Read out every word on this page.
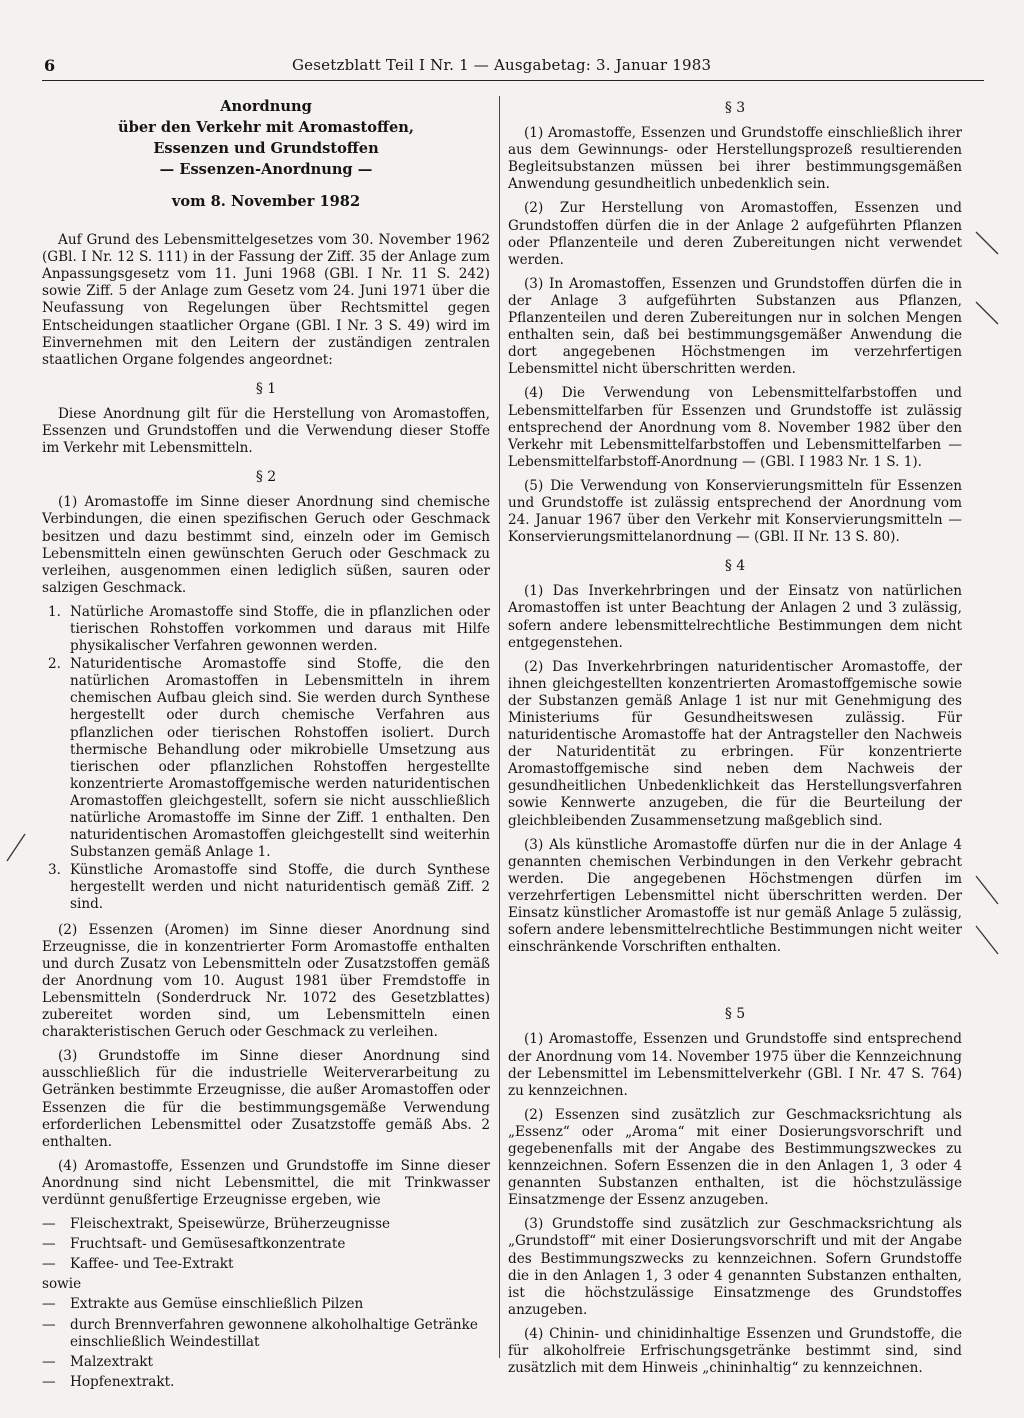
6	Gesetzblatt Teil I Nr. 1 — Ausgabetag: 3. Januar 1983
Anordnung
über den Verkehr mit Aromastoffen,
Essenzen und Grundstoffen
— Essenzen-Anordnung —
vom 8. November 1982

Auf Grund des Lebensmittelgesetzes vom 30. November 1962 (GBl. I Nr. 12 S. 111) in der Fassung der Ziff. 35 der Anlage zum Anpassungsgesetz vom 11. Juni 1968 (GBl. I Nr. 11 S. 242) sowie Ziff. 5 der Anlage zum Gesetz vom 24. Juni 1971 über die Neufassung von Regelungen über Rechtsmittel gegen Entscheidungen staatlicher Organe (GBl. I Nr. 3 S. 49) wird im Einvernehmen mit den Leitern der zuständigen zentralen staatlichen Organe folgendes angeordnet:

§ 1

Diese Anordnung gilt für die Herstellung von Aromastoffen, Essenzen und Grundstoffen und die Verwendung dieser Stoffe im Verkehr mit Lebensmitteln.

§ 2

(1) Aromastoffe im Sinne dieser Anordnung sind chemische Verbindungen, die einen spezifischen Geruch oder Geschmack besitzen und dazu bestimmt sind, einzeln oder im Gemisch Lebensmitteln einen gewünschten Geruch oder Geschmack zu verleihen, ausgenommen einen lediglich süßen, sauren oder salzigen Geschmack.

1. Natürliche Aromastoffe sind Stoffe, die in pflanzlichen oder tierischen Rohstoffen vorkommen und daraus mit Hilfe physikalischer Verfahren gewonnen werden.
2. Naturidentische Aromastoffe sind Stoffe, die den natürlichen Aromastoffen in Lebensmitteln in ihrem chemischen Aufbau gleich sind. Sie werden durch Synthese hergestellt oder durch chemische Verfahren aus pflanzlichen oder tierischen Rohstoffen isoliert. Durch thermische Behandlung oder mikrobielle Umsetzung aus tierischen oder pflanzlichen Rohstoffen hergestellte konzentrierte Aromastoffgemische werden naturidentischen Aromastoffen gleichgestellt, sofern sie nicht ausschließlich natürliche Aromastoffe im Sinne der Ziff. 1 enthalten. Den naturidentischen Aromastoffen gleichgestellt sind weiterhin Substanzen gemäß Anlage 1.
3. Künstliche Aromastoffe sind Stoffe, die durch Synthese hergestellt werden und nicht naturidentisch gemäß Ziff. 2 sind.

(2) Essenzen (Aromen) im Sinne dieser Anordnung sind Erzeugnisse, die in konzentrierter Form Aromastoffe enthalten und durch Zusatz von Lebensmitteln oder Zusatzstoffen gemäß der Anordnung vom 10. August 1981 über Fremdstoffe in Lebensmitteln (Sonderdruck Nr. 1072 des Gesetzblattes) zubereitet worden sind, um Lebensmitteln einen charakteristischen Geruch oder Geschmack zu verleihen.

(3) Grundstoffe im Sinne dieser Anordnung sind ausschließlich für die industrielle Weiterverarbeitung zu Getränken bestimmte Erzeugnisse, die außer Aromastoffen oder Essenzen die für die bestimmungsgemäße Verwendung erforderlichen Lebensmittel oder Zusatzstoffe gemäß Abs. 2 enthalten.

(4) Aromastoffe, Essenzen und Grundstoffe im Sinne dieser Anordnung sind nicht Lebensmittel, die mit Trinkwasser verdünnt genußfertige Erzeugnisse ergeben, wie

—	Fleischextrakt, Speisewürze, Brüherzeugnisse
—	Fruchtsaft- und Gemüsesaftkonzentrate
—	Kaffee- und Tee-Extrakt
sowie
—	Extrakte aus Gemüse einschließlich Pilzen
—	durch Brennverfahren gewonnene alkoholhaltige Getränke einschließlich Weindestillat
—	Malzextrakt
—	Hopfenextrakt.
§ 3

(1) Aromastoffe, Essenzen und Grundstoffe einschließlich ihrer aus dem Gewinnungs- oder Herstellungsprozeß resultierenden Begleitsubstanzen müssen bei ihrer bestimmungsgemäßen Anwendung gesundheitlich unbedenklich sein.

(2) Zur Herstellung von Aromastoffen, Essenzen und Grundstoffen dürfen die in der Anlage 2 aufgeführten Pflanzen oder Pflanzenteile und deren Zubereitungen nicht verwendet werden.

(3) In Aromastoffen, Essenzen und Grundstoffen dürfen die in der Anlage 3 aufgeführten Substanzen aus Pflanzen, Pflanzenteilen und deren Zubereitungen nur in solchen Mengen enthalten sein, daß bei bestimmungsgemäßer Anwendung die dort angegebenen Höchstmengen im verzehrfertigen Lebensmittel nicht überschritten werden.

(4) Die Verwendung von Lebensmittelfarbstoffen und Lebensmittelfarben für Essenzen und Grundstoffe ist zulässig entsprechend der Anordnung vom 8. November 1982 über den Verkehr mit Lebensmittelfarbstoffen und Lebensmittelfarben — Lebensmittelfarbstoff-Anordnung — (GBl. I 1983 Nr. 1 S. 1).

(5) Die Verwendung von Konservierungsmitteln für Essenzen und Grundstoffe ist zulässig entsprechend der Anordnung vom 24. Januar 1967 über den Verkehr mit Konservierungsmitteln — Konservierungsmittelanordnung — (GBl. II Nr. 13 S. 80).

§ 4

(1) Das Inverkehrbringen und der Einsatz von natürlichen Aromastoffen ist unter Beachtung der Anlagen 2 und 3 zulässig, sofern andere lebensmittelrechtliche Bestimmungen dem nicht entgegenstehen.

(2) Das Inverkehrbringen naturidentischer Aromastoffe, der ihnen gleichgestellten konzentrierten Aromastoffgemische sowie der Substanzen gemäß Anlage 1 ist nur mit Genehmigung des Ministeriums für Gesundheitswesen zulässig. Für naturidentische Aromastoffe hat der Antragsteller den Nachweis der Naturidentität zu erbringen. Für konzentrierte Aromastoffgemische sind neben dem Nachweis der gesundheitlichen Unbedenklichkeit das Herstellungsverfahren sowie Kennwerte anzugeben, die für die Beurteilung der gleichbleibenden Zusammensetzung maßgeblich sind.

(3) Als künstliche Aromastoffe dürfen nur die in der Anlage 4 genannten chemischen Verbindungen in den Verkehr gebracht werden. Die angegebenen Höchstmengen dürfen im verzehrfertigen Lebensmittel nicht überschritten werden. Der Einsatz künstlicher Aromastoffe ist nur gemäß Anlage 5 zulässig, sofern andere lebensmittelrechtliche Bestimmungen nicht weiter einschränkende Vorschriften enthalten.

§ 5

(1) Aromastoffe, Essenzen und Grundstoffe sind entsprechend der Anordnung vom 14. November 1975 über die Kennzeichnung der Lebensmittel im Lebensmittelverkehr (GBl. I Nr. 47 S. 764) zu kennzeichnen.

(2) Essenzen sind zusätzlich zur Geschmacksrichtung als „Essenz“ oder „Aroma“ mit einer Dosierungsvorschrift und gegebenenfalls mit der Angabe des Bestimmungszweckes zu kennzeichnen. Sofern Essenzen die in den Anlagen 1, 3 oder 4 genannten Substanzen enthalten, ist die höchstzulässige Einsatzmenge der Essenz anzugeben.

(3) Grundstoffe sind zusätzlich zur Geschmacksrichtung als „Grundstoff“ mit einer Dosierungsvorschrift und mit der Angabe des Bestimmungszwecks zu kennzeichnen. Sofern Grundstoffe die in den Anlagen 1, 3 oder 4 genannten Substanzen enthalten, ist die höchstzulässige Einsatzmenge des Grundstoffes anzugeben.

(4) Chinin- und chinidinhaltige Essenzen und Grundstoffe, die für alkoholfreie Erfrischungsgetränke bestimmt sind, sind zusätzlich mit dem Hinweis „chininhaltig“ zu kennzeichnen.
